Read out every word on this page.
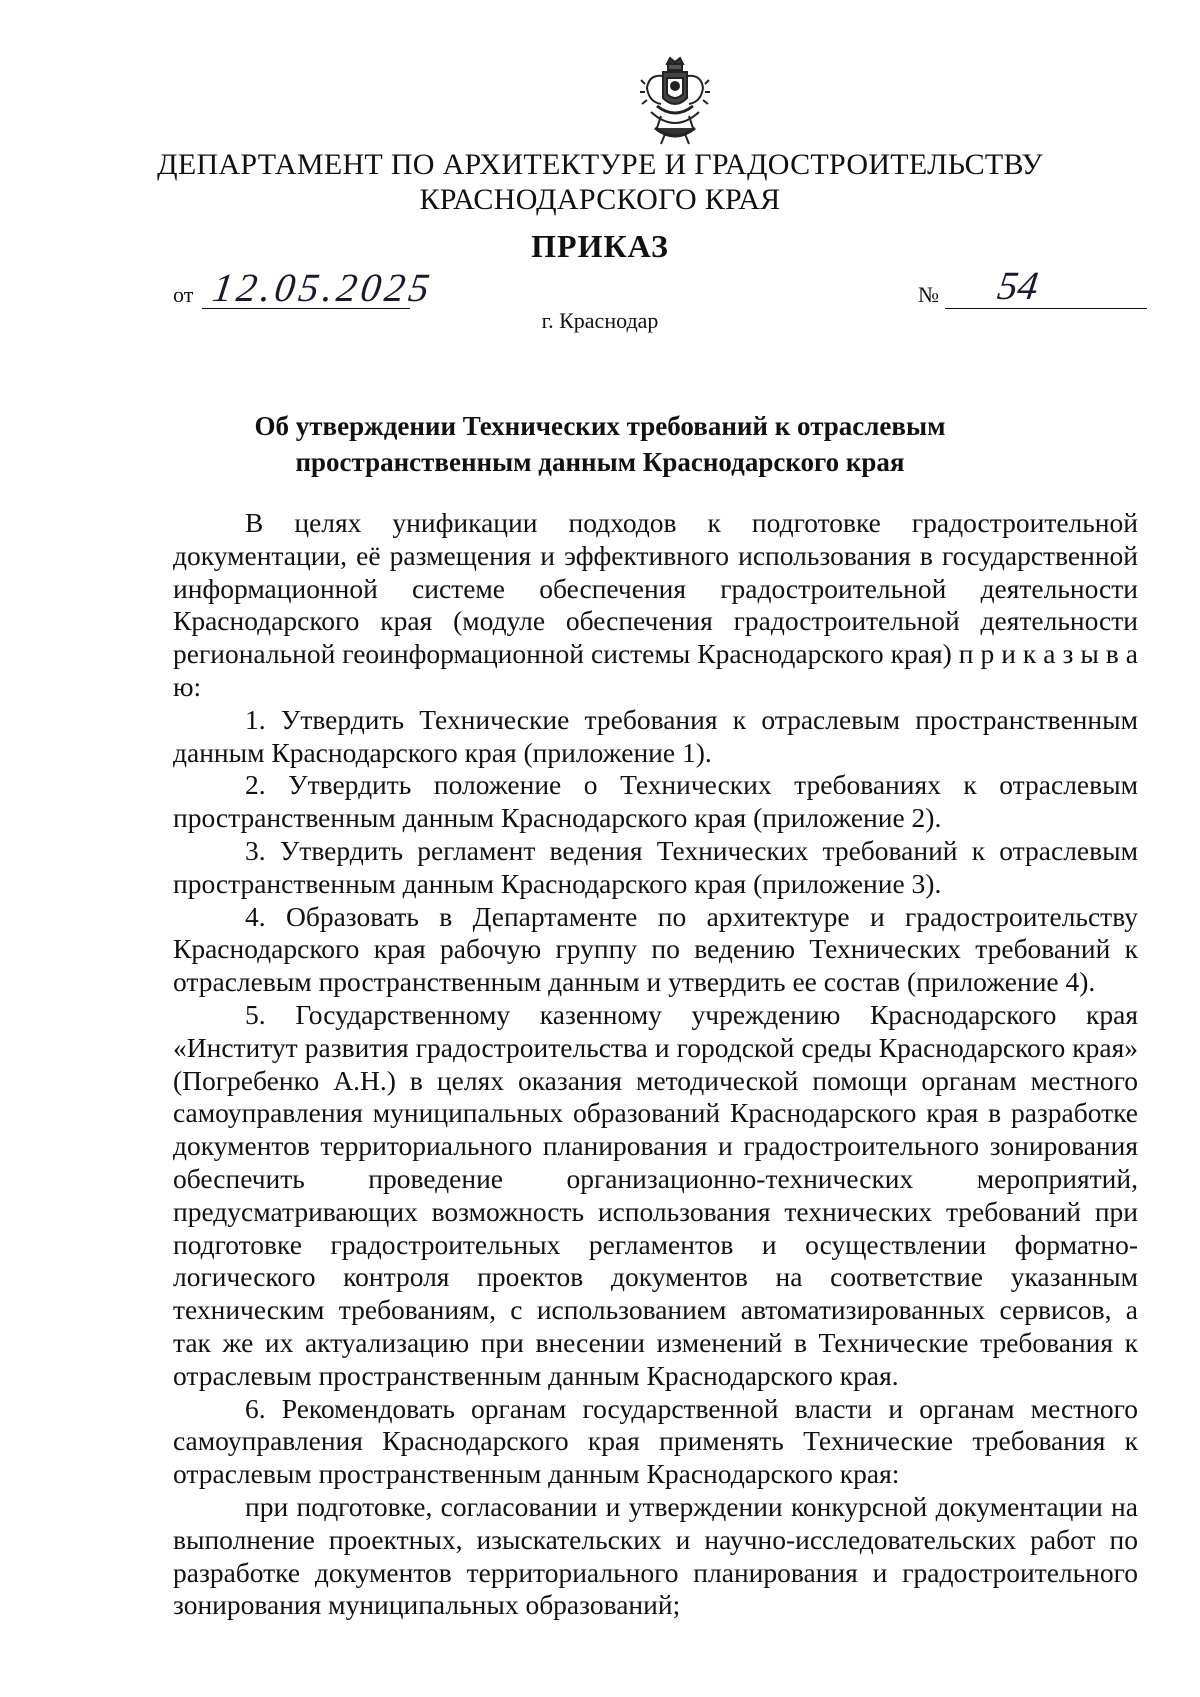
ДЕПАРТАМЕНТ ПО АРХИТЕКТУРЕ И ГРАДОСТРОИТЕЛЬСТВУ
КРАСНОДАРСКОГО КРАЯ
ПРИКАЗ
от 12.05.2025	№ 54
г. Краснодар
Об утверждении Технических требований к отраслевым
пространственным данным Краснодарского края

В целях унификации подходов к подготовке градостроительной документации, её размещения и эффективного использования в государственной информационной системе обеспечения градостроительной деятельности Краснодарского края (модуле обеспечения градостроительной деятельности региональной геоинформационной системы Краснодарского края) п р и к а з ы в а ю:

1. Утвердить Технические требования к отраслевым пространственным данным Краснодарского края (приложение 1).

2. Утвердить положение о Технических требованиях к отраслевым пространственным данным Краснодарского края (приложение 2).

3. Утвердить регламент ведения Технических требований к отраслевым пространственным данным Краснодарского края (приложение 3).

4. Образовать в Департаменте по архитектуре и градостроительству Краснодарского края рабочую группу по ведению Технических требований к отраслевым пространственным данным и утвердить ее состав (приложение 4).

5. Государственному казенному учреждению Краснодарского края «Институт развития градостроительства и городской среды Краснодарского края» (Погребенко А.Н.) в целях оказания методической помощи органам местного самоуправления муниципальных образований Краснодарского края в разработке документов территориального планирования и градостроительного зонирования обеспечить проведение организационно-технических мероприятий, предусматривающих возможность использования технических требований при подготовке градостроительных регламентов и осуществлении форматно-логического контроля проектов документов на соответствие указанным техническим требованиям, с использованием автоматизированных сервисов, а так же их актуализацию при внесении изменений в Технические требования к отраслевым пространственным данным Краснодарского края.

6. Рекомендовать органам государственной власти и органам местного самоуправления Краснодарского края применять Технические требования к отраслевым пространственным данным Краснодарского края:

при подготовке, согласовании и утверждении конкурсной документации на выполнение проектных, изыскательских и научно-исследовательских работ по разработке документов территориального планирования и градостроительного зонирования муниципальных образований;
